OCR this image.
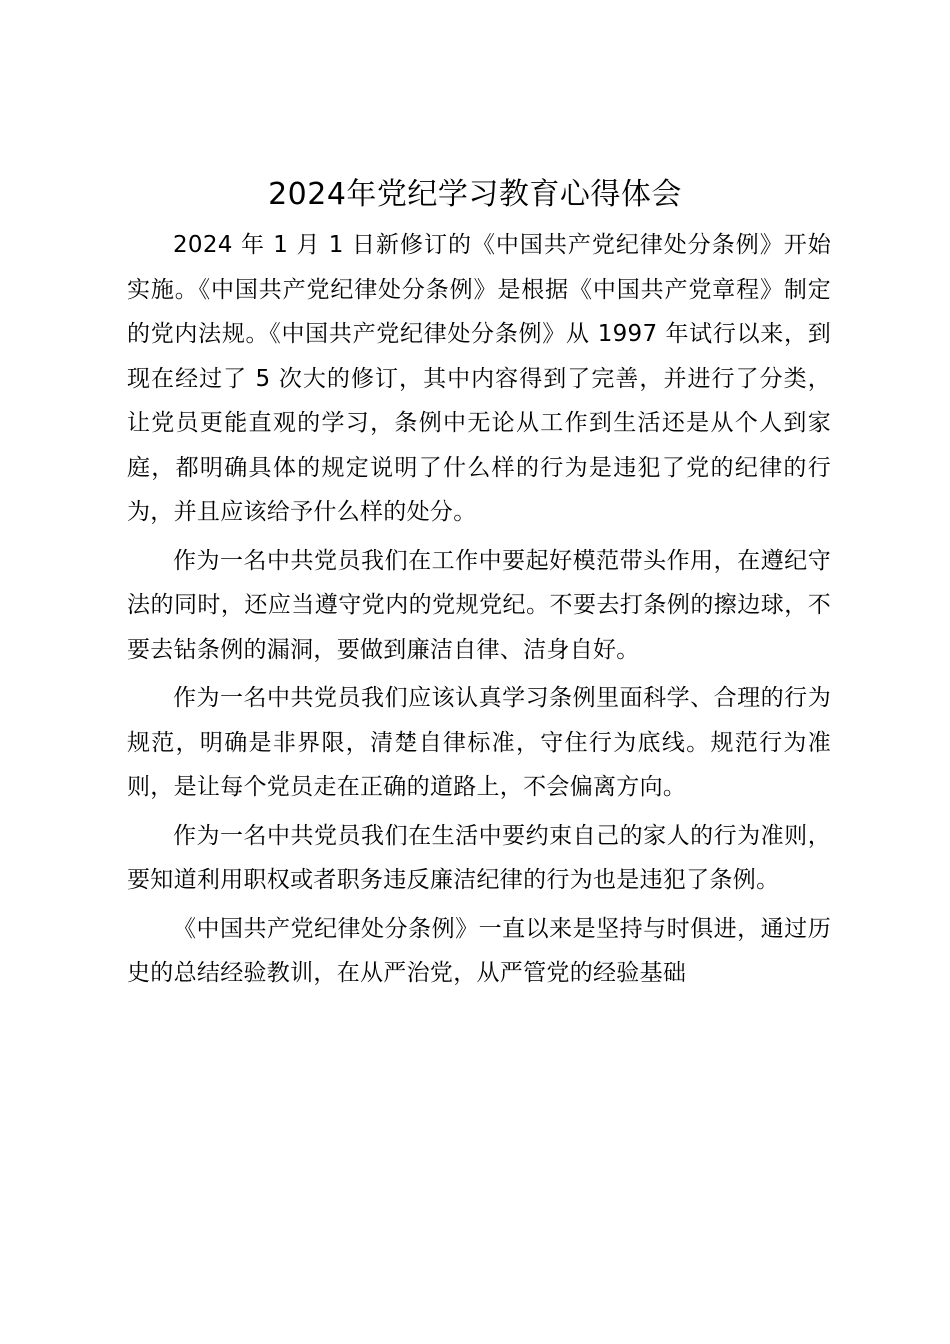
2024年党纪学习教育心得体会

2024 年 1 月 1 日新修订的《中国共产党纪律处分条例》开始实施。《中国共产党纪律处分条例》是根据《中国共产党章程》制定的党内法规。《中国共产党纪律处分条例》从 1997 年试行以来，到现在经过了 5 次大的修订，其中内容得到了完善，并进行了分类，让党员更能直观的学习，条例中无论从工作到生活还是从个人到家庭，都明确具体的规定说明了什么样的行为是违犯了党的纪律的行为，并且应该给予什么样的处分。

作为一名中共党员我们在工作中要起好模范带头作用，在遵纪守法的同时，还应当遵守党内的党规党纪。不要去打条例的擦边球，不要去钻条例的漏洞，要做到廉洁自律、洁身自好。

作为一名中共党员我们应该认真学习条例里面科学、合理的行为规范，明确是非界限，清楚自律标准，守住行为底线。规范行为准则，是让每个党员走在正确的道路上，不会偏离方向。

作为一名中共党员我们在生活中要约束自己的家人的行为准则，要知道利用职权或者职务违反廉洁纪律的行为也是违犯了条例。

《中国共产党纪律处分条例》一直以来是坚持与时俱进，通过历史的总结经验教训，在从严治党，从严管党的经验基础
